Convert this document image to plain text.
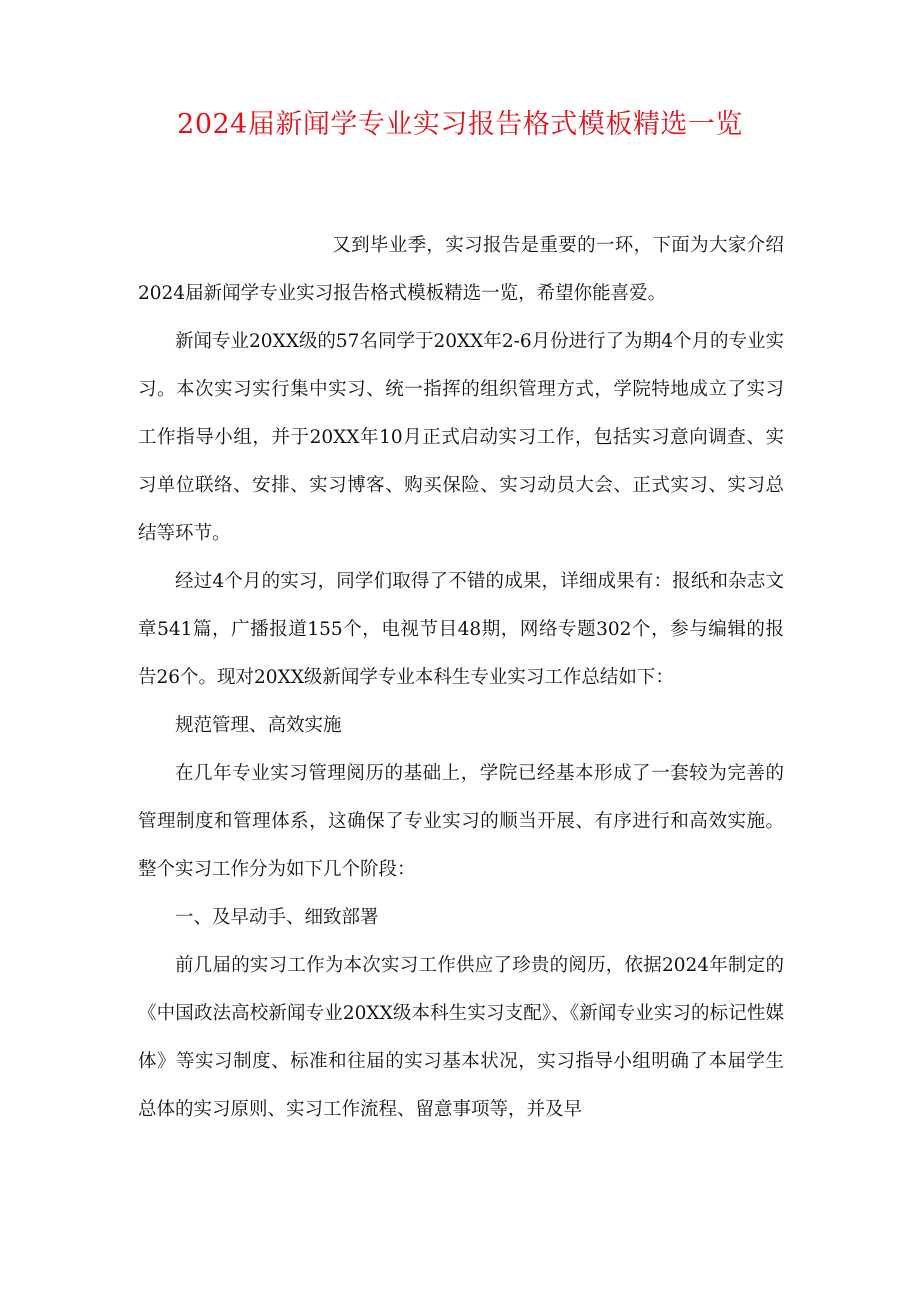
2024届新闻学专业实习报告格式模板精选一览

又到毕业季，实习报告是重要的一环，下面为大家介绍2024届新闻学专业实习报告格式模板精选一览，希望你能喜爱。

新闻专业20XX级的57名同学于20XX年2-6月份进行了为期4个月的专业实习。本次实习实行集中实习、统一指挥的组织管理方式，学院特地成立了实习工作指导小组，并于20XX年10月正式启动实习工作，包括实习意向调查、实习单位联络、安排、实习博客、购买保险、实习动员大会、正式实习、实习总结等环节。

经过4个月的实习，同学们取得了不错的成果，详细成果有：报纸和杂志文章541篇，广播报道155个，电视节目48期，网络专题302个，参与编辑的报告26个。现对20XX级新闻学专业本科生专业实习工作总结如下：

规范管理、高效实施

在几年专业实习管理阅历的基础上，学院已经基本形成了一套较为完善的管理制度和管理体系，这确保了专业实习的顺当开展、有序进行和高效实施。整个实习工作分为如下几个阶段：

一、及早动手、细致部署

前几届的实习工作为本次实习工作供应了珍贵的阅历，依据2024年制定的《中国政法高校新闻专业20XX级本科生实习支配》、《新闻专业实习的标记性媒体》等实习制度、标准和往届的实习基本状况，实习指导小组明确了本届学生总体的实习原则、实习工作流程、留意事项等，并及早
